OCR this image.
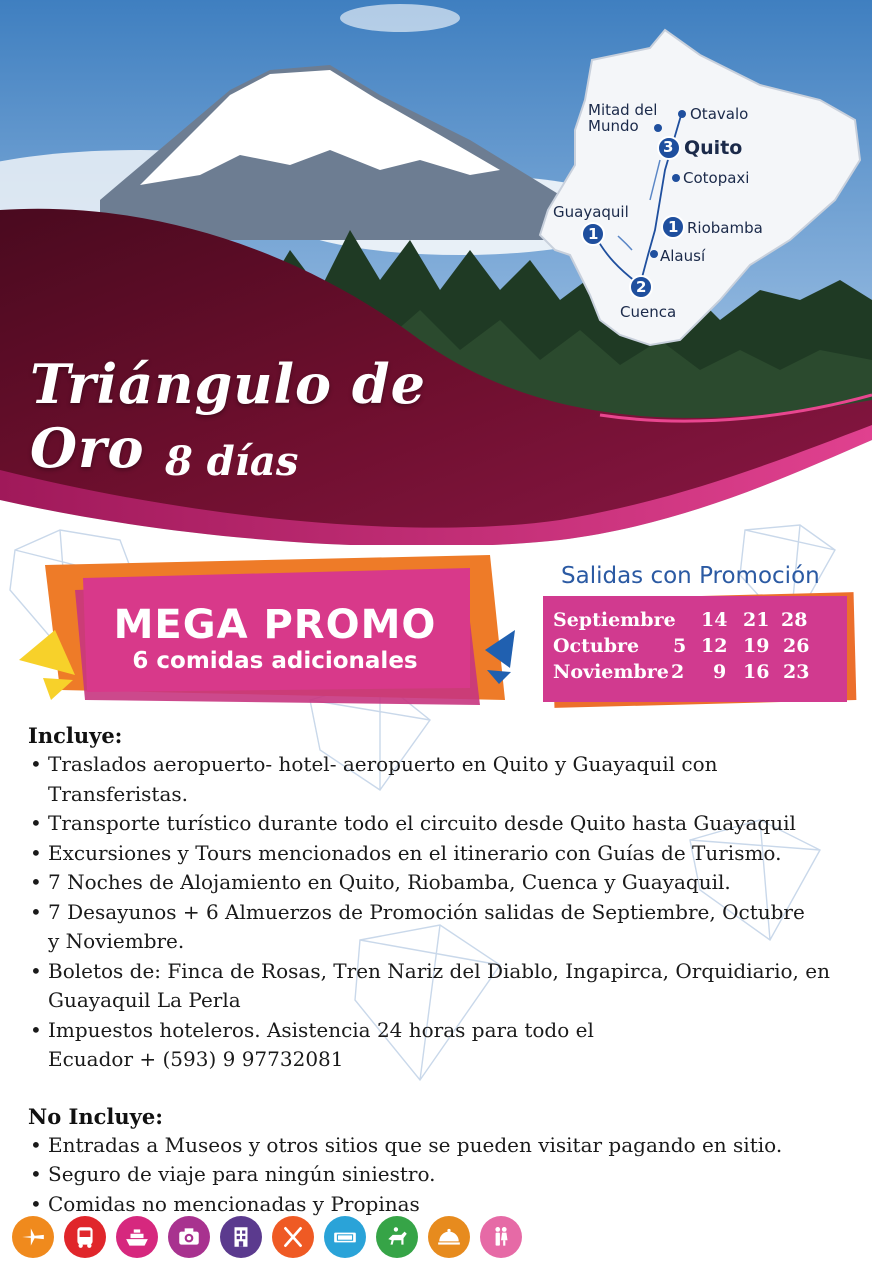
3
1
1
2
Mitad del Mundo
Otavalo
Quito
Cotopaxi
Guayaquil
Riobamba
Alausí
Cuenca
Triángulo de Oro 8 días
MEGA PROMO
6 comidas adicionales
Salidas con Promoción
Septiembre 14 21 28
Octubre 5 12 19 26
Noviembre 2 9 16 23
Incluye:
• Traslados aeropuerto- hotel- aeropuerto en Quito y Guayaquil con Transferistas.
• Transporte turístico durante todo el circuito desde Quito hasta Guayaquil
• Excursiones y Tours mencionados en el itinerario con Guías de Turismo.
• 7 Noches de Alojamiento en Quito, Riobamba, Cuenca y Guayaquil.
• 7 Desayunos + 6 Almuerzos de Promoción salidas de Septiembre, Octubre y Noviembre.
• Boletos de: Finca de Rosas, Tren Nariz del Diablo, Ingapirca, Orquidiario, en Guayaquil La Perla
• Impuestos hoteleros. Asistencia 24 horas para todo el Ecuador + (593) 9 97732081
No Incluye:
• Entradas a Museos y otros sitios que se pueden visitar pagando en sitio.
• Seguro de viaje para ningún siniestro.
• Comidas no mencionadas y Propinas
